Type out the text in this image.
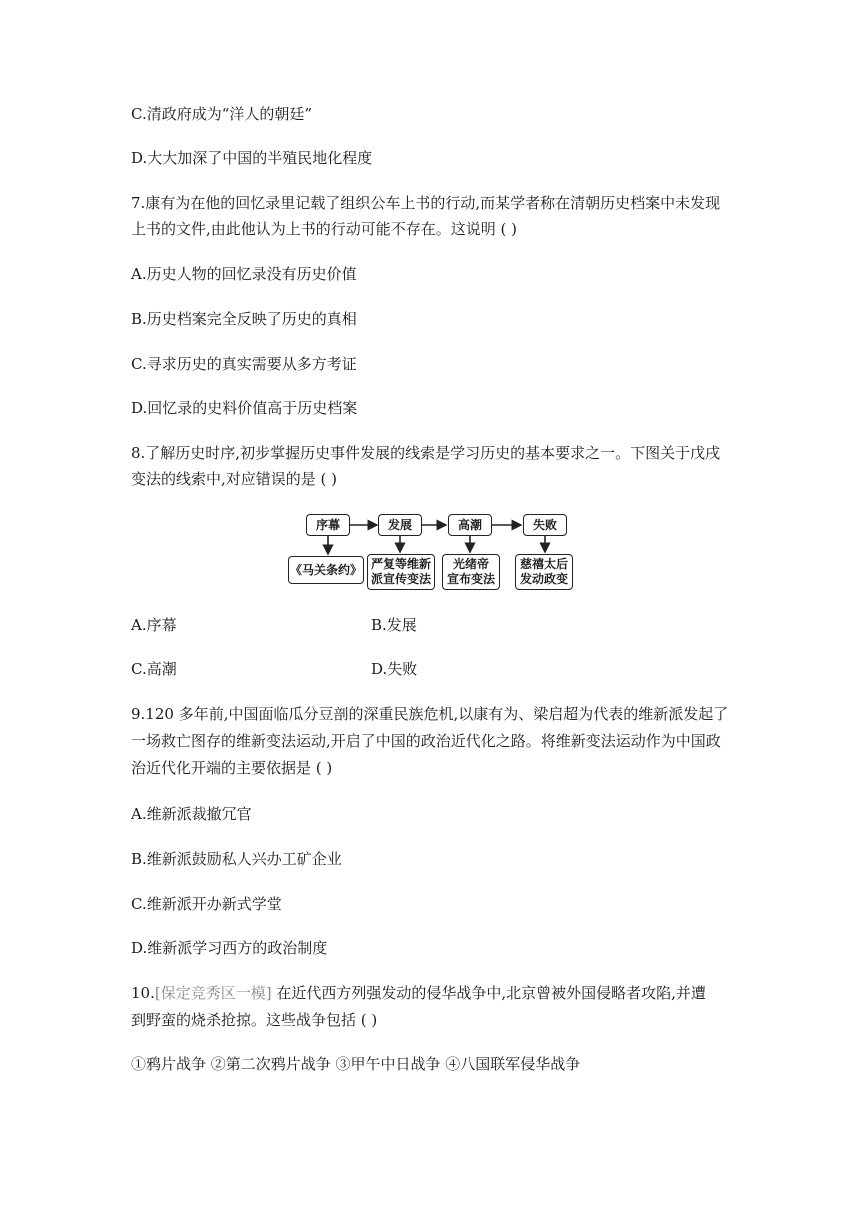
C.清政府成为“洋人的朝廷”
D.大大加深了中国的半殖民地化程度
7.康有为在他的回忆录里记载了组织公车上书的行动,而某学者称在清朝历史档案中未发现
上书的文件,由此他认为上书的行动可能不存在。这说明 ( )
A.历史人物的回忆录没有历史价值
B.历史档案完全反映了历史的真相
C.寻求历史的真实需要从多方考证
D.回忆录的史料价值高于历史档案
8.了解历史时序,初步掌握历史事件发展的线索是学习历史的基本要求之一。下图关于戊戌
变法的线索中,对应错误的是 ( )
序幕	发展	高潮	失败
《马关条约》 严复等维新
派宣传变法
光绪帝
宣布变法
慈禧太后
发动政变
A.序幕	B.发展
C.高潮	D.失败
9.120 多年前,中国面临瓜分豆剖的深重民族危机,以康有为、梁启超为代表的维新派发起了
一场救亡图存的维新变法运动,开启了中国的政治近代化之路。将维新变法运动作为中国政
治近代化开端的主要依据是 ( )
A.维新派裁撤冗官
B.维新派鼓励私人兴办工矿企业
C.维新派开办新式学堂
D.维新派学习西方的政治制度
10.[保定竞秀区一模] 在近代西方列强发动的侵华战争中,北京曾被外国侵略者攻陷,并遭
到野蛮的烧杀抢掠。这些战争包括 ( )
①鸦片战争 ②第二次鸦片战争 ③甲午中日战争 ④八国联军侵华战争
